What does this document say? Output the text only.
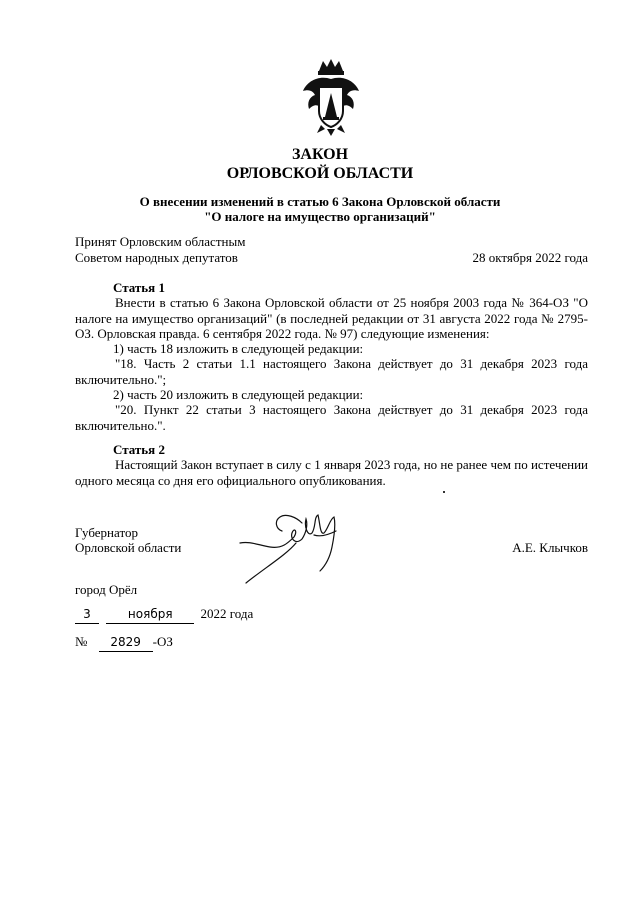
ЗАКОН
ОРЛОВСКОЙ ОБЛАСТИ
О внесении изменений в статью 6 Закона Орловской области
"О налоге на имущество организаций"
Принят Орловским областным
Советом народных депутатов	28 октября 2022 года
Статья 1
Внести в статью 6 Закона Орловской области от 25 ноября 2003 года № 364-ОЗ "О налоге на имущество организаций" (в последней редакции от 31 августа 2022 года № 2795-ОЗ. Орловская правда. 6 сентября 2022 года. № 97) следующие изменения:
1) часть 18 изложить в следующей редакции:
"18. Часть 2 статьи 1.1 настоящего Закона действует до 31 декабря 2023 года включительно.";
2) часть 20 изложить в следующей редакции:
"20. Пункт 22 статьи 3 настоящего Закона действует до 31 декабря 2023 года включительно.".
Статья 2
Настоящий Закон вступает в силу с 1 января 2023 года, но не ранее чем по истечении одного месяца со дня его официального опубликования.
Губернатор
Орловской области	А.Е. Клычков
город Орёл
3	ноября 2022 года
№ 2829 -ОЗ
